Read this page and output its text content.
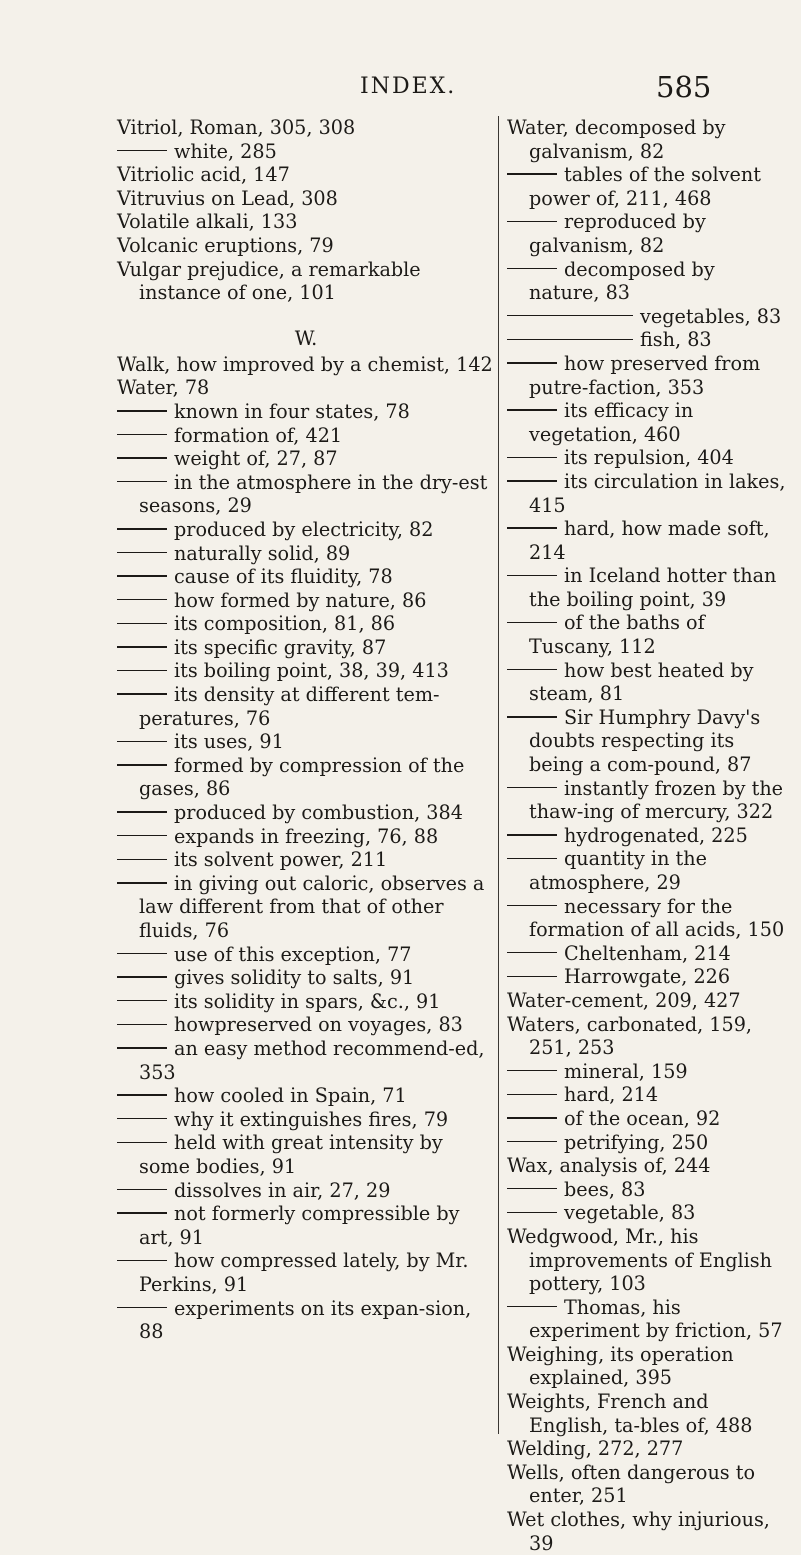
INDEX.	585
Vitriol, Roman, 305, 308
white, 285
Vitriolic acid, 147
Vitruvius on Lead, 308
Volatile alkali, 133
Volcanic eruptions, 79
Vulgar prejudice, a remarkable instance of one, 101
W.
Walk, how improved by a chemist, 142
Water, 78
known in four states, 78
formation of, 421
weight of, 27, 87
in the atmosphere in the dry-est seasons, 29
produced by electricity, 82
naturally solid, 89
cause of its fluidity, 78
how formed by nature, 86
its composition, 81, 86
its specific gravity, 87
its boiling point, 38, 39, 413
its density at different tem-peratures, 76
its uses, 91
formed by compression of the gases, 86
produced by combustion, 384
expands in freezing, 76, 88
its solvent power, 211
in giving out caloric, observes a law different from that of other fluids, 76
use of this exception, 77
gives solidity to salts, 91
its solidity in spars, &c., 91
howpreserved on voyages, 83
an easy method recommend-ed, 353
how cooled in Spain, 71
why it extinguishes fires, 79
held with great intensity by some bodies, 91
dissolves in air, 27, 29
not formerly compressible by art, 91
how compressed lately, by Mr. Perkins, 91
experiments on its expan-sion, 88
Water, decomposed by galvanism, 82
tables of the solvent power of, 211, 468
reproduced by galvanism, 82
decomposed by nature, 83
vegetables, 83
fish, 83
how preserved from putre-faction, 353
its efficacy in vegetation, 460
its repulsion, 404
its circulation in lakes, 415
hard, how made soft, 214
in Iceland hotter than the boiling point, 39
of the baths of Tuscany, 112
how best heated by steam, 81
Sir Humphry Davy's doubts respecting its being a com-pound, 87
instantly frozen by the thaw-ing of mercury, 322
hydrogenated, 225
quantity in the atmosphere, 29
necessary for the formation of all acids, 150
Cheltenham, 214
Harrowgate, 226
Water-cement, 209, 427
Waters, carbonated, 159, 251, 253
mineral, 159
hard, 214
of the ocean, 92
petrifying, 250
Wax, analysis of, 244
bees, 83
vegetable, 83
Wedgwood, Mr., his improvements of English pottery, 103
Thomas, his experiment by friction, 57
Weighing, its operation explained, 395
Weights, French and English, ta-bles of, 488
Welding, 272, 277
Wells, often dangerous to enter, 251
Wet clothes, why injurious, 39
